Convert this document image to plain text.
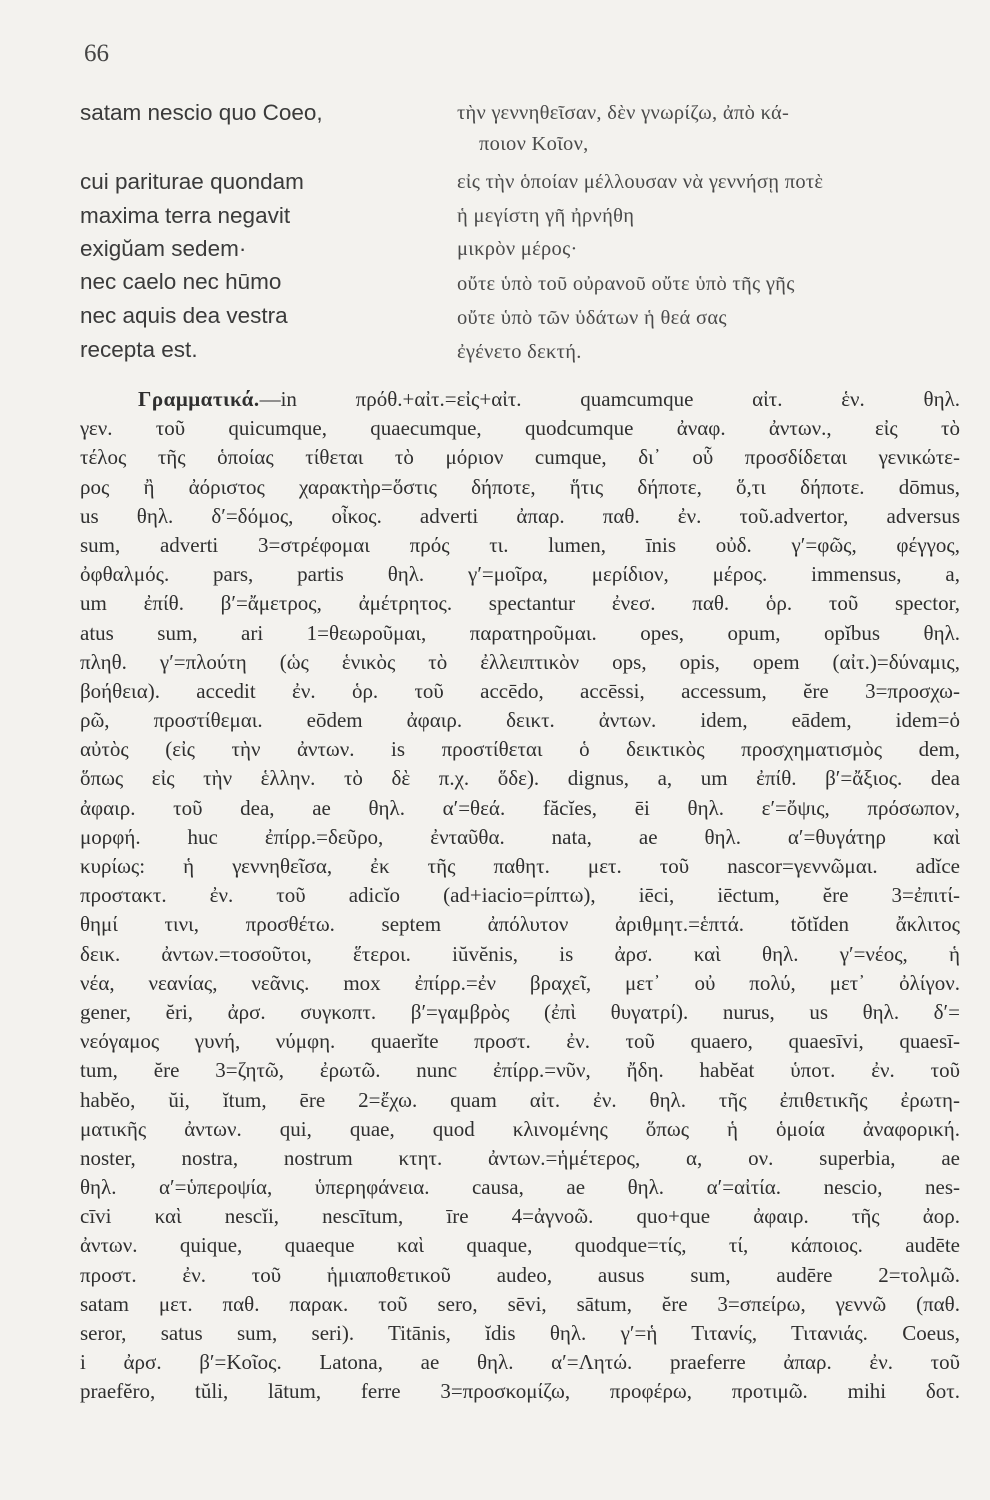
66
satam nescio quo Coeo,
cui pariturae quondam
maxima terra negavit
exigŭam sedem·
nec caelo nec hūmo
nec aquis dea vestra
recepta est.
τὴν γεννηθεῖσαν, δὲν γνωρίζω, ἀπὸ κά-
ποιον Κοῖον,
εἰς τὴν ὁποίαν μέλλουσαν νὰ γεννήσῃ ποτὲ
ἡ μεγίστη γῆ ἠρνήθη
μικρὸν μέρος·
οὔτε ὑπὸ τοῦ οὐρανοῦ οὔτε ὑπὸ τῆς γῆς
οὔτε ὑπὸ τῶν ὑδάτων ἡ θεά σας
ἐγένετο δεκτή.
Γραμματικά.—in πρόθ.+αἰτ.=εἰς+αἰτ. quamcumque αἰτ. ἑν. θηλ.
γεν. τοῦ quicumque, quaecumque, quodcumque ἀναφ. ἀντων., εἰς τὸ
τέλος τῆς ὁποίας τίθεται τὸ μόριον cumque, δι᾽ οὗ προσδίδεται γενικώτε-
ρος ἢ ἀόριστος χαρακτὴρ=ὅστις δήποτε, ἥτις δήποτε, ὅ,τι δήποτε. dōmus,
us θηλ. δ′=δόμος, οἶκος. adverti ἀπαρ. παθ. ἐν. τοῦ.advertor, adversus
sum, adverti 3=στρέφομαι πρός τι. lumen, īnis οὐδ. γ′=φῶς, φέγγος,
ὀφθαλμός. pars, partis θηλ. γ′=μοῖρα, μερίδιον, μέρος. immensus, a,
um ἐπίθ. β′=ἄμετρος, ἀμέτρητος. spectantur ἐνεσ. παθ. ὁρ. τοῦ spector,
atus sum, ari 1=θεωροῦμαι, παρατηροῦμαι. opes, opum, opĭbus θηλ.
πληθ. γ′=πλούτη (ὡς ἑνικὸς τὸ ἐλλειπτικὸν ops, opis, opem (αἰτ.)=δύναμις,
βοήθεια). accedit ἐν. ὁρ. τοῦ accēdo, accēssi, accessum, ĕre 3=προσχω-
ρῶ, προστίθεμαι. eōdem ἀφαιρ. δεικτ. ἀντων. idem, eādem, idem=ὁ
αὐτὸς (εἰς τὴν ἀντων. is προστίθεται ὁ δεικτικὸς προσχηματισμὸς dem,
ὅπως εἰς τὴν ἑλλην. τὸ δὲ π.χ. ὅδε). dignus, a, um ἐπίθ. β′=ἄξιος. dea
ἀφαιρ. τοῦ dea, ae θηλ. α′=θεά. făcĭes, ēi θηλ. ε′=ὄψις, πρόσωπον,
μορφή. huc ἐπίρρ.=δεῦρο, ἐνταῦθα. nata, ae θηλ. α′=θυγάτηρ καὶ
κυρίως: ἡ γεννηθεῖσα, ἐκ τῆς παθητ. μετ. τοῦ nascor=γεννῶμαι. adĭce
προστακτ. ἐν. τοῦ adicĭo (ad+iacio=ρίπτω), iēci, iēctum, ĕre 3=ἐπιτί-
θημί τινι, προσθέτω. septem ἀπόλυτον ἀριθμητ.=ἑπτά. tŏtĭden ἄκλιτος
δεικ. ἀντων.=τοσοῦτοι, ἕτεροι. iŭvĕnis, is ἀρσ. καὶ θηλ. γ′=νέος, ἡ
νέα, νεανίας, νεᾶνις. mox ἐπίρρ.=ἐν βραχεῖ, μετ᾽ οὐ πολύ, μετ᾽ ὀλίγον.
gener, ĕri, ἀρσ. συγκοπτ. β′=γαμβρὸς (ἐπὶ θυγατρί). nurus, us θηλ. δ′=
νεόγαμος γυνή, νύμφη. quaerĭte προστ. ἐν. τοῦ quaero, quaesīvi, quaesī-
tum, ĕre 3=ζητῶ, ἐρωτῶ. nunc ἐπίρρ.=νῦν, ἤδη. habĕat ὑποτ. ἐν. τοῦ
habĕo, ŭi, ĭtum, ēre 2=ἔχω. quam αἰτ. ἐν. θηλ. τῆς ἐπιθετικῆς ἐρωτη-
ματικῆς ἀντων. qui, quae, quod κλινομένης ὅπως ἡ ὁμοία ἀναφορική.
noster, nostra, nostrum κτητ. ἀντων.=ἡμέτερος, α, ον. superbia, ae
θηλ. α′=ὑπεροψία, ὑπερηφάνεια. causa, ae θηλ. α′=αἰτία. nescio, nes-
cīvi καὶ nescĭi, nescītum, īre 4=ἀγνοῶ. quo+que ἀφαιρ. τῆς ἀορ.
ἀντων. quique, quaeque καὶ quaque, quodque=τίς, τί, κάποιος. audēte
προστ. ἐν. τοῦ ἡμιαποθετικοῦ audeo, ausus sum, audēre 2=τολμῶ.
satam μετ. παθ. παρακ. τοῦ sero, sēvi, sātum, ĕre 3=σπείρω, γεννῶ (παθ.
seror, satus sum, seri). Titānis, ĭdis θηλ. γ′=ἡ Τιτανίς, Τιτανιάς. Coeus,
i ἀρσ. β′=Κοῖος. Latona, ae θηλ. α′=Λητώ. praeferre ἀπαρ. ἐν. τοῦ
praefĕro, tŭli, lātum, ferre 3=προσκομίζω, προφέρω, προτιμῶ. mihi δοτ.
